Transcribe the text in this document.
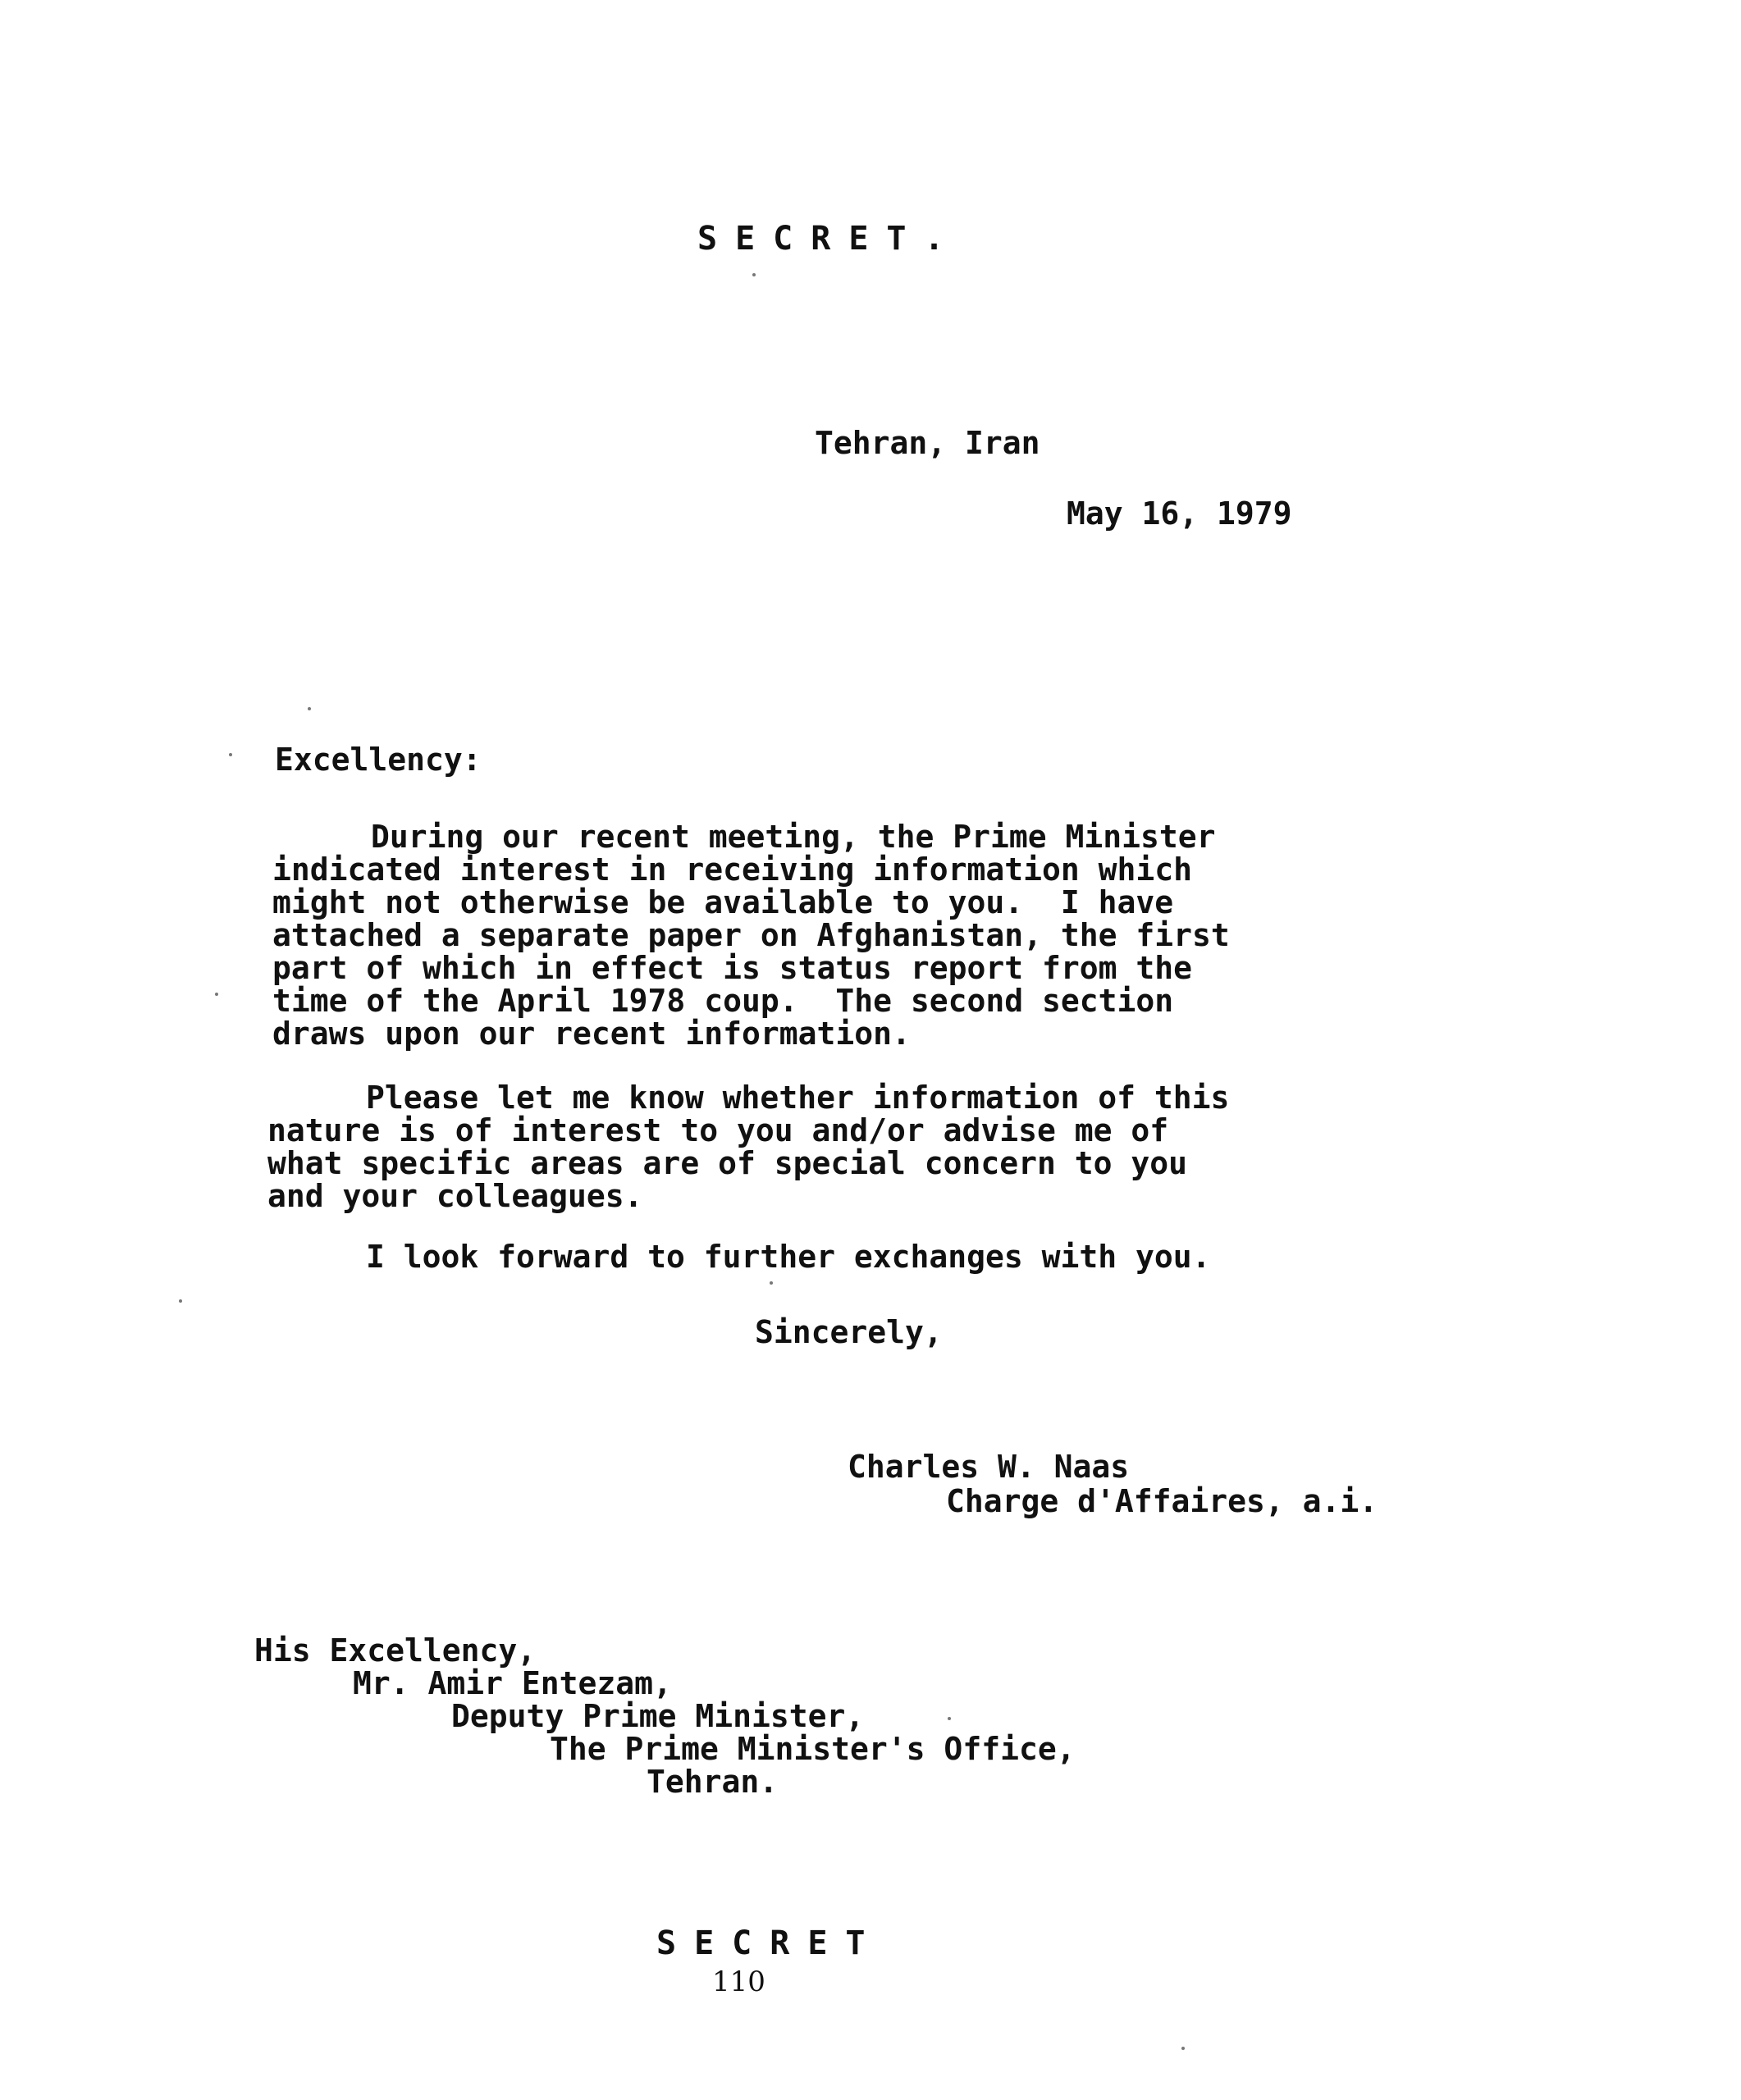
SECRET.
Tehran, Iran
May 16, 1979
Excellency:
During our recent meeting, the Prime Minister
indicated interest in receiving information which
might not otherwise be available to you.  I have
attached a separate paper on Afghanistan, the first
part of which in effect is status report from the
time of the April 1978 coup.  The second section
draws upon our recent information.
Please let me know whether information of this
nature is of interest to you and/or advise me of
what specific areas are of special concern to you
and your colleagues.
I look forward to further exchanges with you.
Sincerely,
Charles W. Naas
Charge d'Affaires, a.i.
His Excellency,
Mr. Amir Entezam,
Deputy Prime Minister,
The Prime Minister's Office,
Tehran.
SECRET
110
